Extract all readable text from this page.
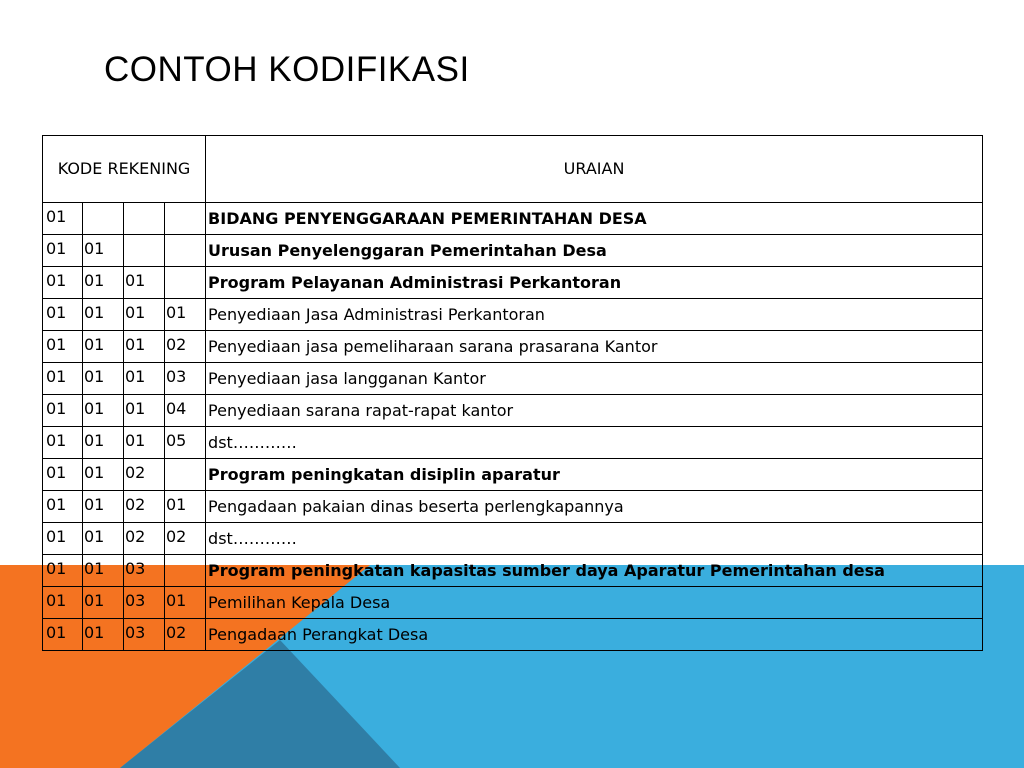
CONTOH KODIFIKASI
KODE REKENING				URAIAN
01				BIDANG PENYENGGARAAN PEMERINTAHAN DESA
01	01			Urusan Penyelenggaran Pemerintahan Desa
01	01	01		Program Pelayanan Administrasi Perkantoran
01	01	01	01	Penyediaan Jasa Administrasi Perkantoran
01	01	01	02	Penyediaan jasa pemeliharaan sarana prasarana Kantor
01	01	01	03	Penyediaan jasa langganan Kantor
01	01	01	04	Penyediaan sarana rapat-rapat kantor
01	01	01	05	dst…………
01	01	02		Program peningkatan disiplin aparatur
01	01	02	01	Pengadaan pakaian dinas beserta perlengkapannya
01	01	02	02	dst…………
01	01	03		Program peningkatan kapasitas sumber daya Aparatur Pemerintahan desa
01	01	03	01	Pemilihan Kepala Desa
01	01	03	02	Pengadaan Perangkat Desa
